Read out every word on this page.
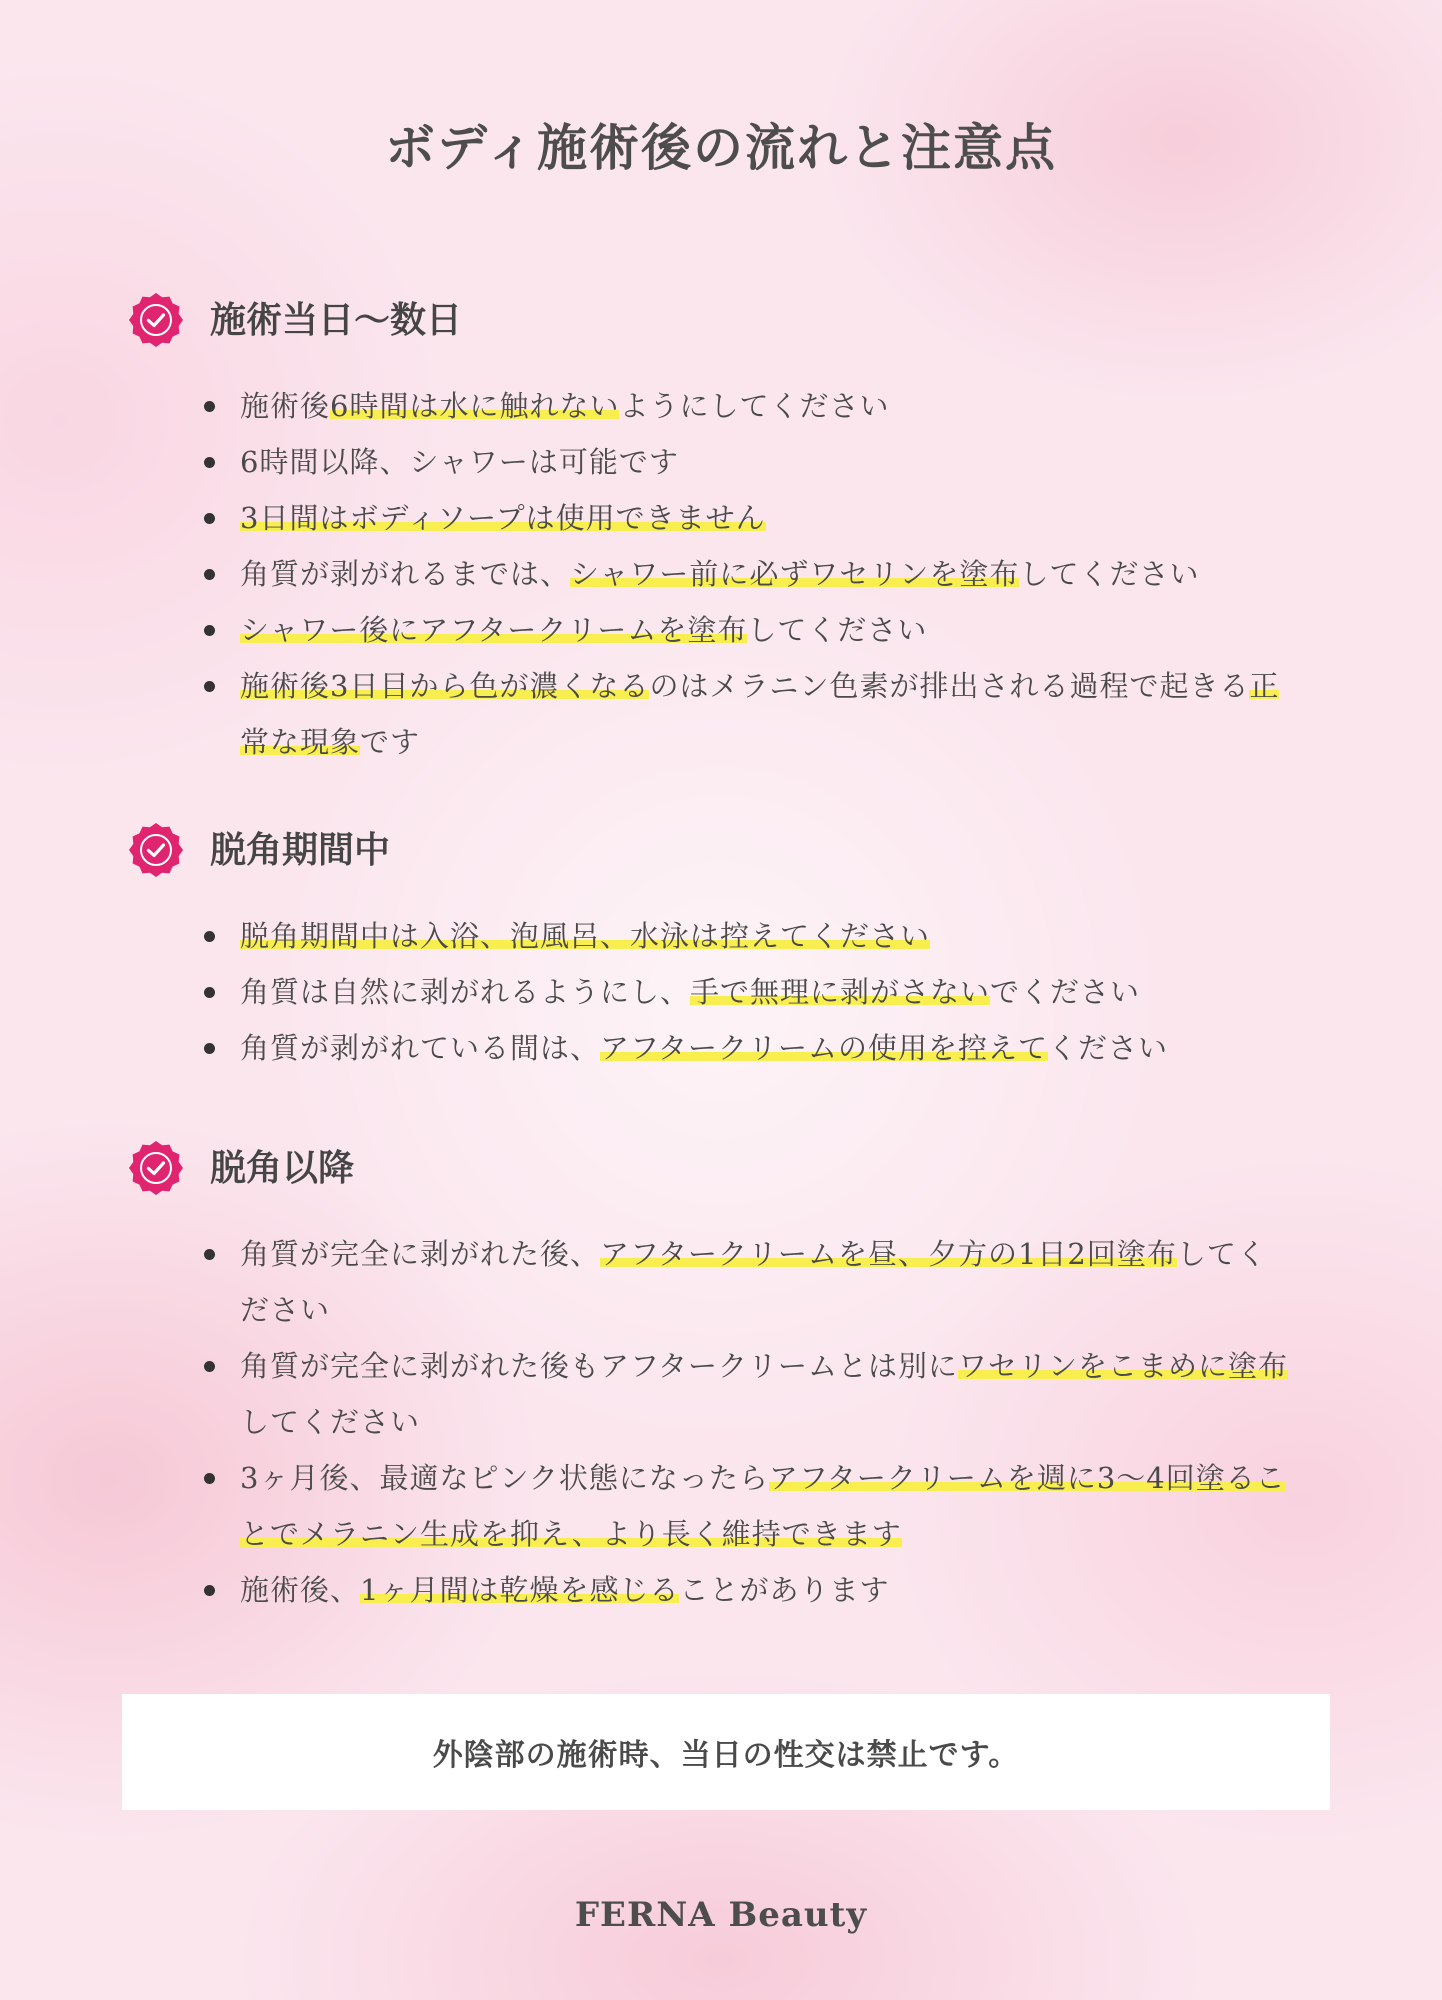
ボディ施術後の流れと注意点
施術当日〜数日
施術後6時間は水に触れないようにしてください
6時間以降、シャワーは可能です
3日間はボディソープは使用できません
角質が剥がれるまでは、シャワー前に必ずワセリンを塗布してください
シャワー後にアフタークリームを塗布してください
施術後3日目から色が濃くなるのはメラニン色素が排出される過程で起きる正常な現象です
脱角期間中
脱角期間中は入浴、泡風呂、水泳は控えてください
角質は自然に剥がれるようにし、手で無理に剥がさないでください
角質が剥がれている間は、アフタークリームの使用を控えてください
脱角以降
角質が完全に剥がれた後、アフタークリームを昼、夕方の1日2回塗布してください
角質が完全に剥がれた後もアフタークリームとは別にワセリンをこまめに塗布してください
3ヶ月後、最適なピンク状態になったらアフタークリームを週に3〜4回塗ることでメラニン生成を抑え、より長く維持できます
施術後、1ヶ月間は乾燥を感じることがあります
外陰部の施術時、当日の性交は禁止です。
FERNA Beauty
